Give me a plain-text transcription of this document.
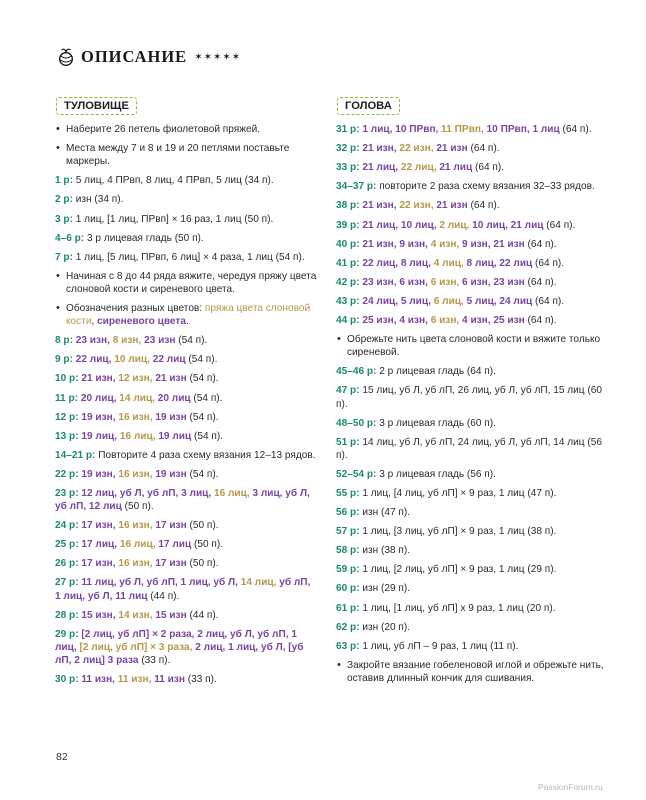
ОПИСАНИЕ ✶✶✶✶✶
ТУЛОВИЩЕ
• Наберите 26 петель фиолетовой пряжей.
• Места между 7 и 8 и 19 и 20 петлями поставьте маркеры.
1 р: 5 лиц, 4 ПРвп, 8 лиц, 4 ПРвп, 5 лиц (34 п).
2 р: изн (34 п).
3 р: 1 лиц, [1 лиц, ПРвп] × 16 раз, 1 лиц (50 п).
4–6 р: 3 р лицевая гладь (50 п).
7 р: 1 лиц, [5 лиц, ПРвп, 6 лиц] × 4 раза, 1 лиц (54 п).
• Начиная с 8 до 44 ряда вяжите, чередуя пряжу цвета слоновой кости и сиреневого цвета.
• Обозначения разных цветов: пряжа цвета слоновой кости, сиреневого цвета.
8 р: 23 изн, 8 изн, 23 изн (54 п).
9 р: 22 лиц, 10 лиц, 22 лиц (54 п).
10 р: 21 изн, 12 изн, 21 изн (54 п).
11 р: 20 лиц, 14 лиц, 20 лиц (54 п).
12 р: 19 изн, 16 изн, 19 изн (54 п).
13 р: 19 лиц, 16 лиц, 19 лиц (54 п).
14–21 р: Повторите 4 раза схему вязания 12–13 рядов.
22 р: 19 изн, 16 изн, 19 изн (54 п).
23 р: 12 лиц, уб Л, уб лП, 3 лиц, 16 лиц, 3 лиц, уб Л, уб лП, 12 лиц (50 п).
24 р: 17 изн, 16 изн, 17 изн (50 п).
25 р: 17 лиц, 16 лиц, 17 лиц (50 п).
26 р: 17 изн, 16 изн, 17 изн (50 п).
27 р: 11 лиц, уб Л, уб лП, 1 лиц, уб Л, 14 лиц, уб лП, 1 лиц, уб Л, 11 лиц (44 п).
28 р: 15 изн, 14 изн, 15 изн (44 п).
29 р: [2 лиц, уб лП] × 2 раза, 2 лиц, уб Л, уб лП, 1 лиц, [2 лиц, уб лП] × 3 раза, 2 лиц, 1 лиц, уб Л, [уб лП, 2 лиц] 3 раза (33 п).
30 р: 11 изн, 11 изн, 11 изн (33 п).
ГОЛОВА
31 р: 1 лиц, 10 ПРвп, 11 ПРвп, 10 ПРвп, 1 лиц (64 п).
32 р: 21 изн, 22 изн, 21 изн (64 п).
33 р: 21 лиц, 22 лиц, 21 лиц (64 п).
34–37 р: повторите 2 раза схему вязания 32–33 рядов.
38 р: 21 изн, 22 изн, 21 изн (64 п).
39 р: 21 лиц, 10 лиц, 2 лиц, 10 лиц, 21 лиц (64 п).
40 р: 21 изн, 9 изн, 4 изн, 9 изн, 21 изн (64 п).
41 р: 22 лиц, 8 лиц, 4 лиц, 8 лиц, 22 лиц (64 п).
42 р: 23 изн, 6 изн, 6 изн, 6 изн, 23 изн (64 п).
43 р: 24 лиц, 5 лиц, 6 лиц, 5 лиц, 24 лиц (64 п).
44 р: 25 изн, 4 изн, 6 изн, 4 изн, 25 изн (64 п).
• Обрежьте нить цвета слоновой кости и вяжите только сиреневой.
45–46 р: 2 р лицевая гладь (64 п).
47 р: 15 лиц, уб Л, уб лП, 26 лиц, уб Л, уб лП, 15 лиц (60 п).
48–50 р: 3 р лицевая гладь (60 п).
51 р: 14 лиц, уб Л, уб лП, 24 лиц, уб Л, уб лП, 14 лиц (56 п).
52–54 р: 3 р лицевая гладь (56 п).
55 р: 1 лиц, [4 лиц, уб лП] × 9 раз, 1 лиц (47 п).
56 р: изн (47 п).
57 р: 1 лиц, [3 лиц, уб лП] × 9 раз, 1 лиц (38 п).
58 р: изн (38 п).
59 р: 1 лиц, [2 лиц, уб лП] × 9 раз, 1 лиц (29 п).
60 р: изн (29 п).
61 р: 1 лиц, [1 лиц, уб лП] x 9 раз, 1 лиц (20 п).
62 р: изн (20 п).
63 р: 1 лиц, уб лП – 9 раз, 1 лиц (11 п).
• Закройте вязание гобеленовой иглой и обрежьте нить, оставив длинный кончик для сшивания.
82
PassionForum.ru
